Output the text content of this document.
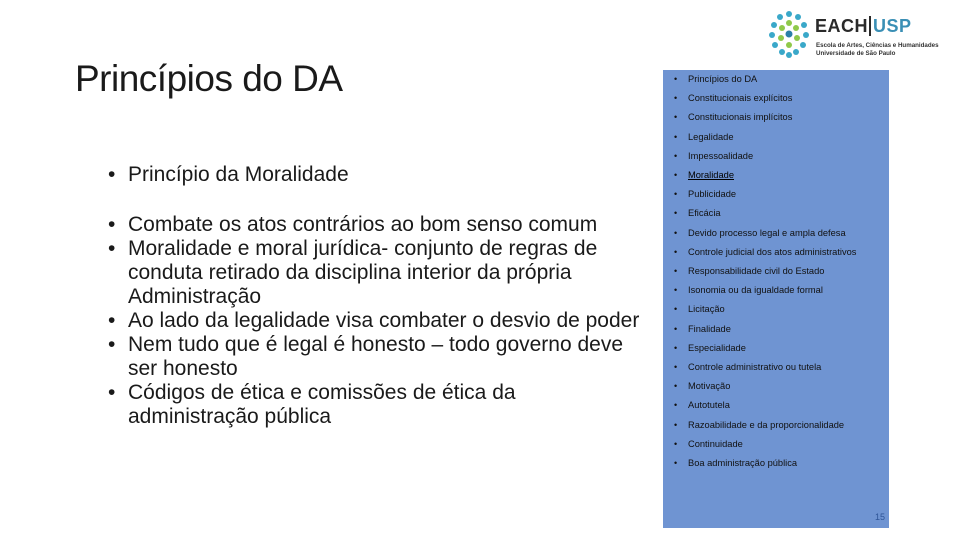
EACH USP
Escola de Artes, Ciências e Humanidades Universidade de São Paulo
Princípios do DA
• Princípio da Moralidade
• Combate os atos contrários ao bom senso comum
• Moralidade e moral jurídica- conjunto de regras de conduta retirado da disciplina interior da própria Administração
• Ao lado da legalidade visa combater o desvio de poder
• Nem tudo que é legal é honesto – todo governo deve ser honesto
• Códigos de ética e comissões de ética da administração pública
• Princípios do DA
• Constitucionais explícitos
• Constitucionais implícitos
• Legalidade
• Impessoalidade
• Moralidade
• Publicidade
• Eficácia
• Devido processo legal e ampla defesa
• Controle judicial dos atos administrativos
• Responsabilidade civil do Estado
• Isonomia ou da igualdade formal
• Licitação
• Finalidade
• Especialidade
• Controle administrativo ou tutela
• Motivação
• Autotutela
• Razoabilidade e da proporcionalidade
• Continuidade
• Boa administração pública
15
